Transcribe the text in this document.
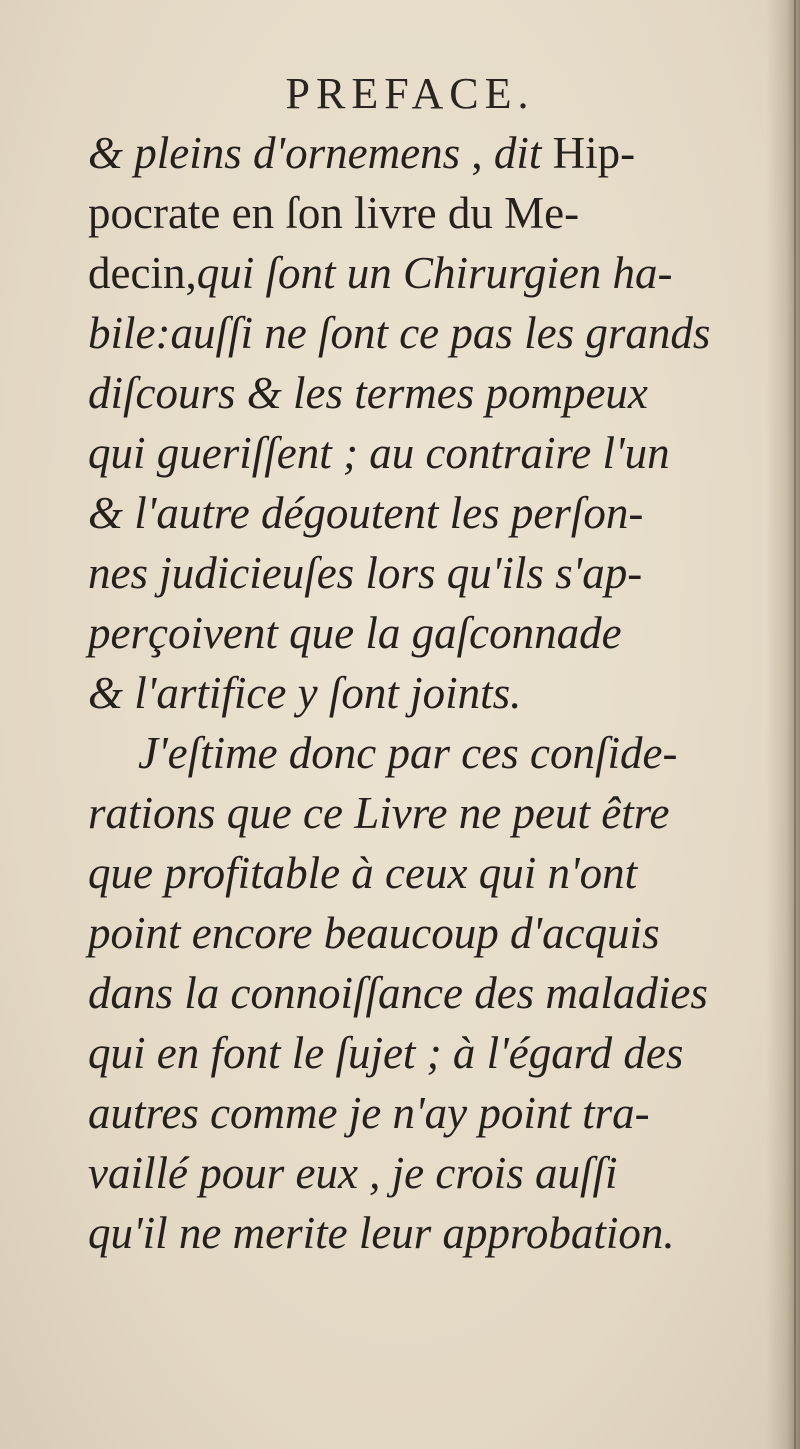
PREFACE.
& pleins d'ornemens , dit Hip-
pocrate en ſon livre du Me-
decin,qui ſont un Chirurgien ha-
bile:auſſi ne ſont ce pas les grands
diſcours & les termes pompeux
qui gueriſſent ; au contraire l'un
& l'autre dégoutent les perſon-
nes judicieuſes lors qu'ils s'ap-
perçoivent que la gaſconnade
& l'artifice y ſont joints.
J'eſtime donc par ces conſide-
rations que ce Livre ne peut être
que profitable à ceux qui n'ont
point encore beaucoup d'acquis
dans la connoiſſance des maladies
qui en font le ſujet ; à l'égard des
autres comme je n'ay point tra-
vaillé pour eux , je crois auſſi
qu'il ne merite leur approbation.
